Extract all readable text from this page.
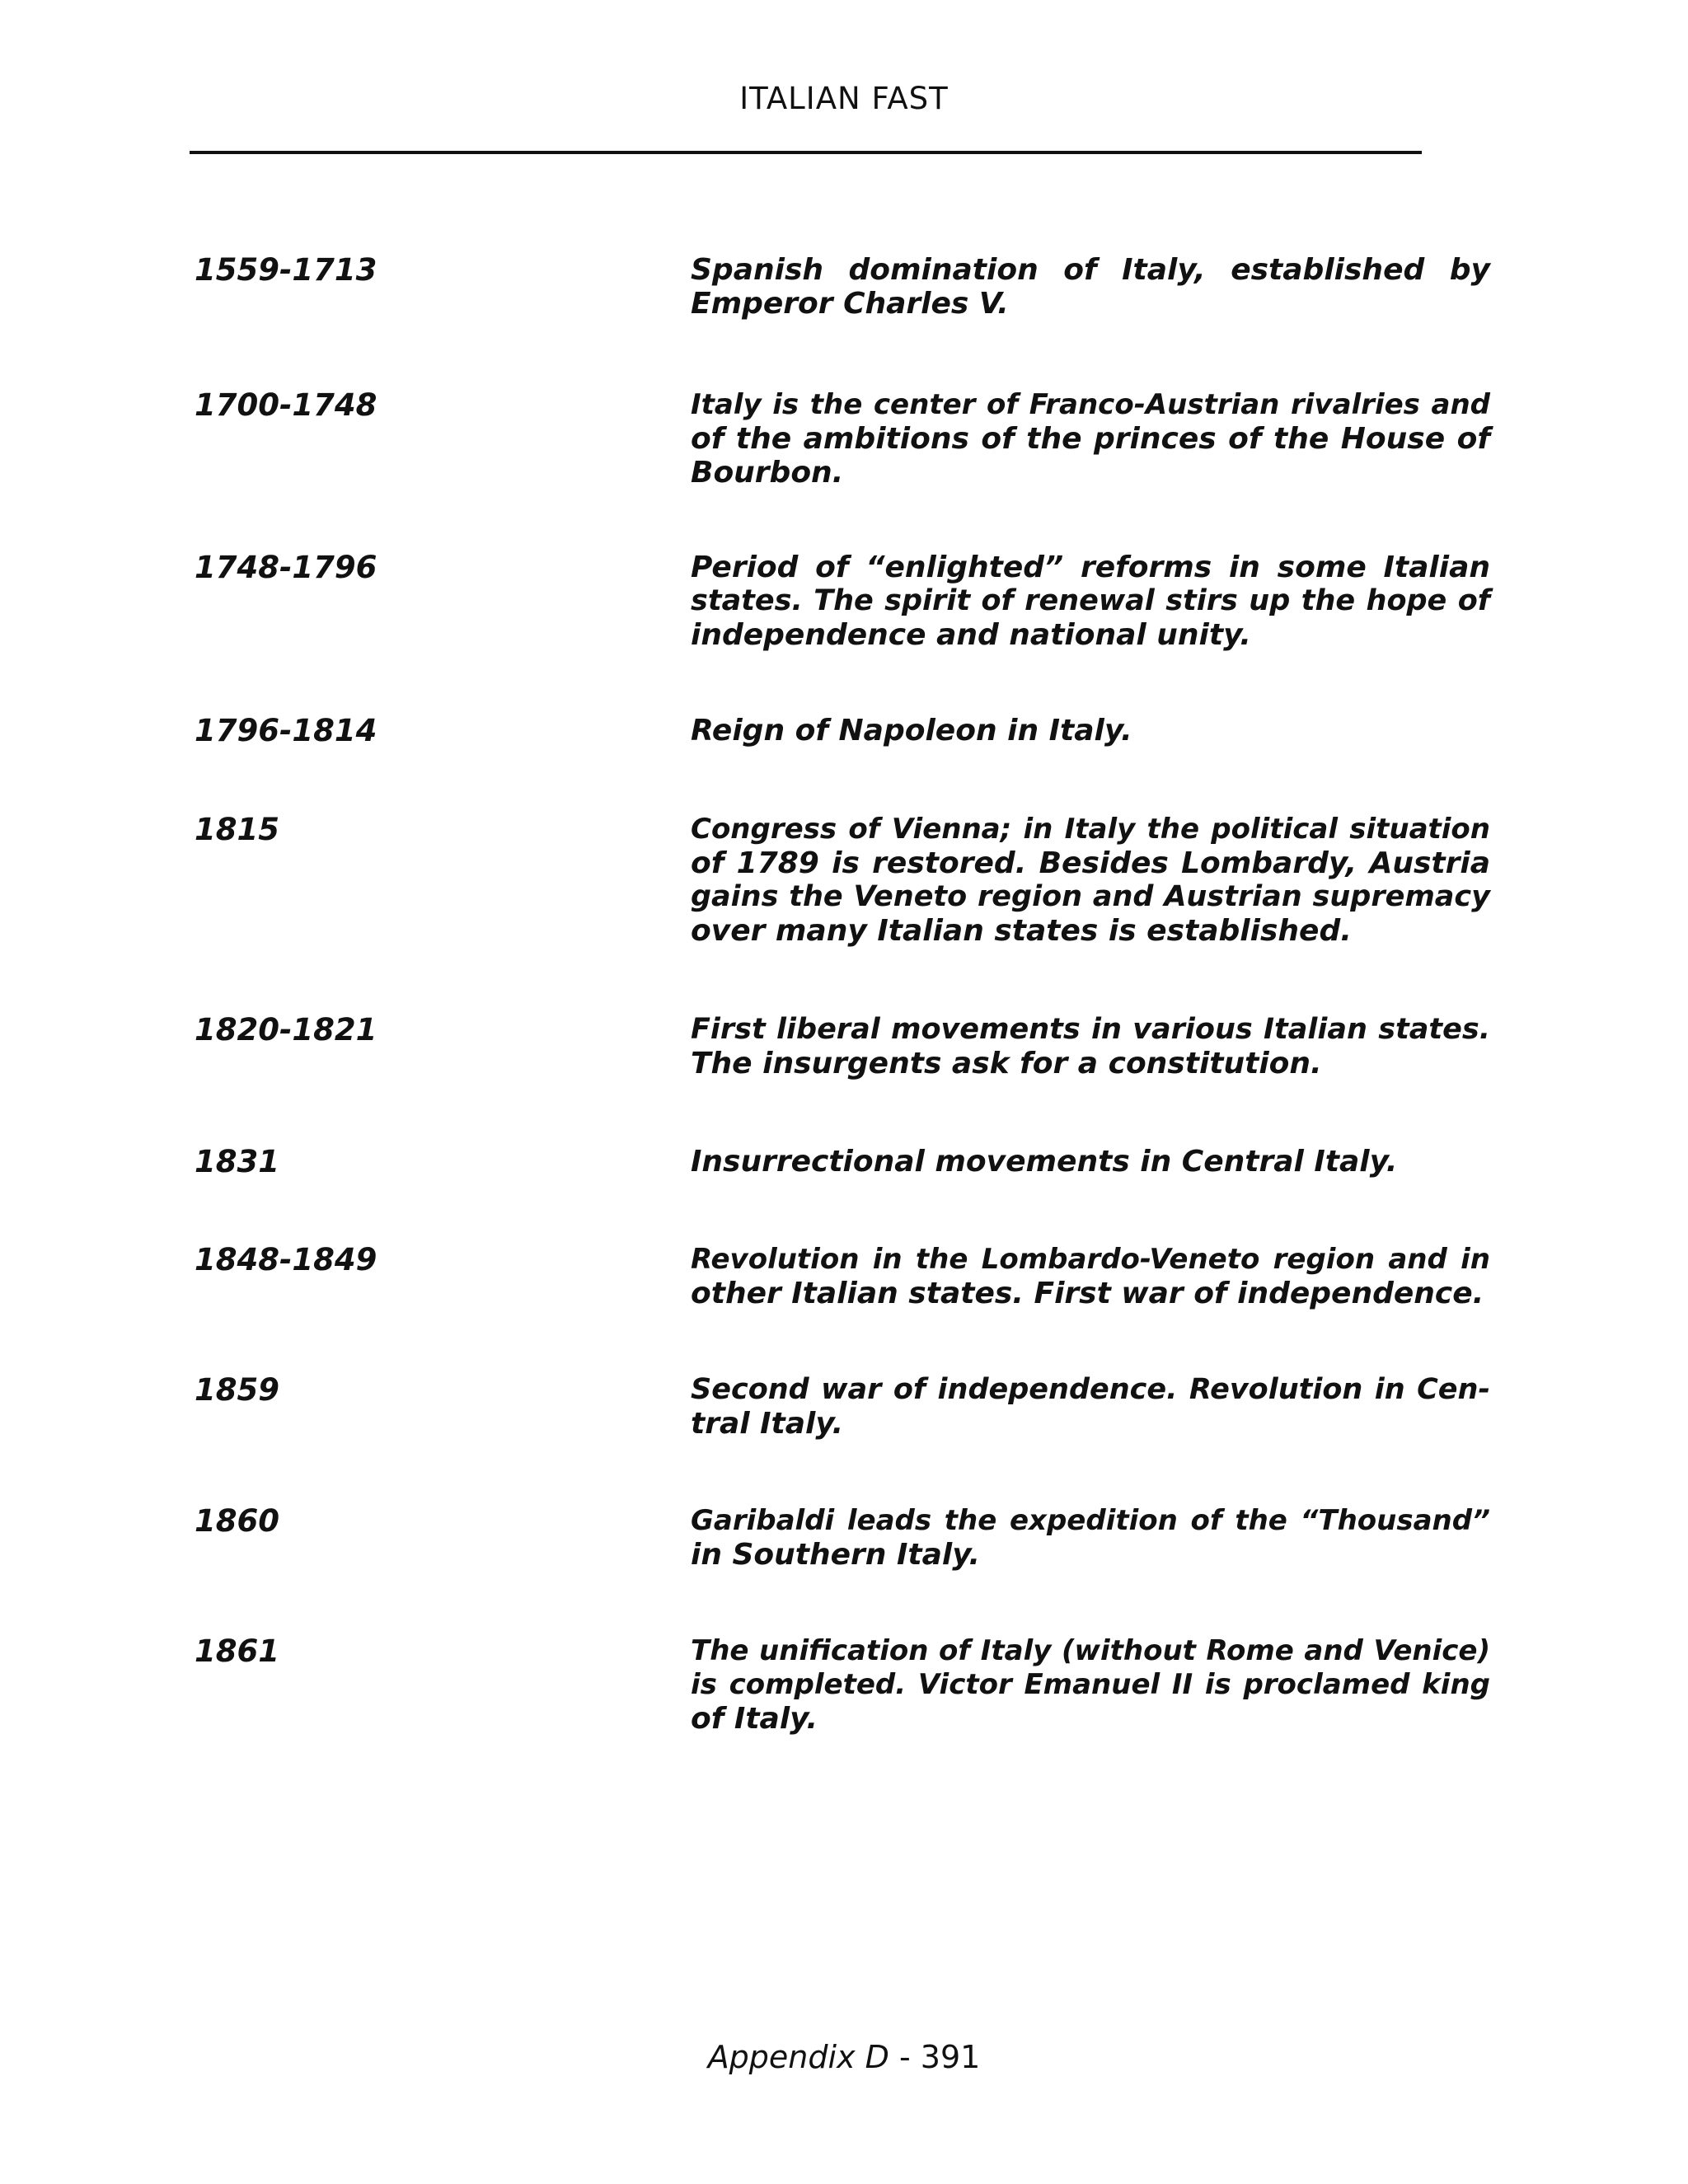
ITALIAN FAST
1559-1713	Spanish domination of Italy, established by
Emperor Charles V.
1700-1748	Italy is the center of Franco-Austrian rivalries and
of the ambitions of the princes of the House of
Bourbon.
1748-1796	Period of “enlighted” reforms in some Italian
states. The spirit of renewal stirs up the hope of
independence and national unity.
1796-1814	Reign of Napoleon in Italy.
1815	Congress of Vienna; in Italy the political situation
of 1789 is restored. Besides Lombardy, Austria
gains the Veneto region and Austrian supremacy
over many Italian states is established.
1820-1821	First liberal movements in various Italian states.
The insurgents ask for a constitution.
1831	Insurrectional movements in Central Italy.
1848-1849	Revolution in the Lombardo-Veneto region and in
other Italian states. First war of independence.
1859	Second war of independence. Revolution in Cen-
tral Italy.
1860	Garibaldi leads the expedition of the “Thousand”
in Southern Italy.
1861	The unification of Italy (without Rome and Venice)
is completed. Victor Emanuel II is proclamed king
of Italy.
Appendix D - 391
